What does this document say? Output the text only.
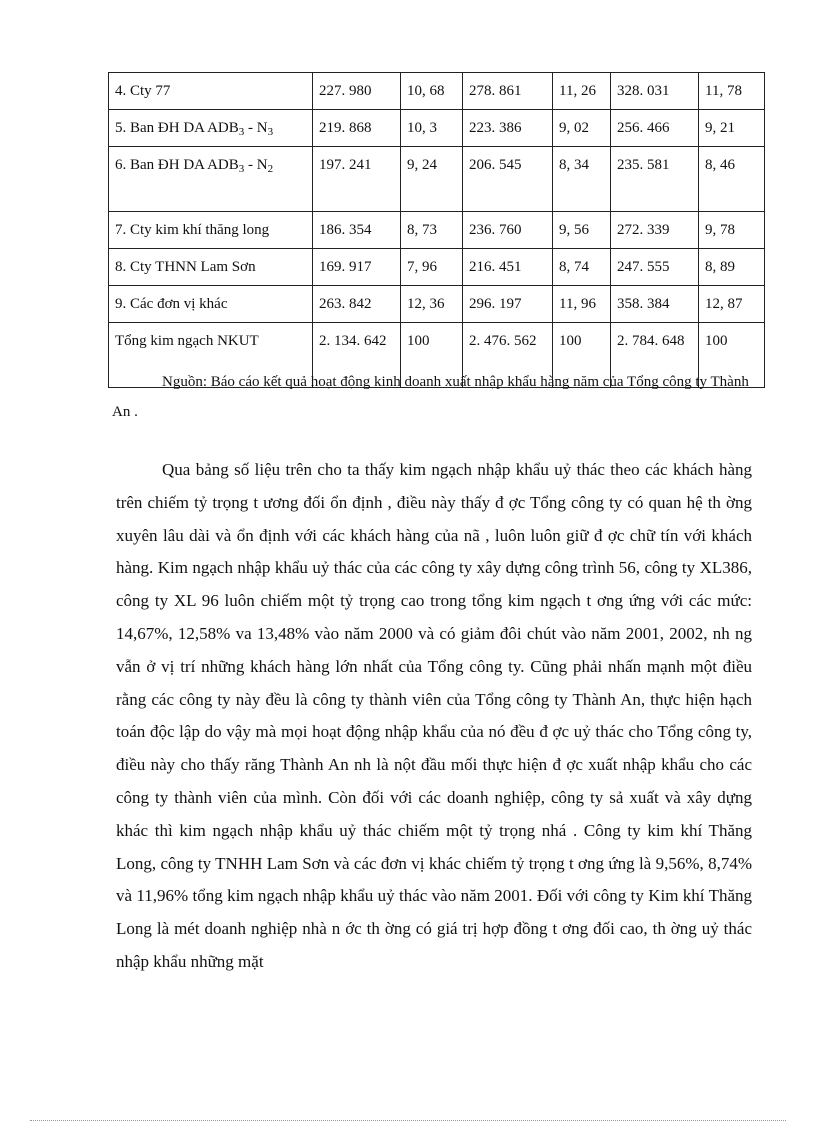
4. Cty 77	227. 980	10, 68	278. 861	11, 26	328. 031	11, 78
5. Ban ĐH DA $ADB_3 - N_3$	219. 868	10, 3	223. 386	9, 02	256. 466	9, 21
6. Ban ĐH DA $ADB_3 - N_2$	197. 241	9, 24	206. 545	8, 34	235. 581	8, 46
7. Cty kim khí thăng long	186. 354	8, 73	236. 760	9, 56	272. 339	9, 78
8. Cty THNN Lam Sơn	169. 917	7, 96	216. 451	8, 74	247. 555	8, 89
9. Các đơn vị khác	263. 842	12, 36	296. 197	11, 96	358. 384	12, 87
Tổng kim ngạch NKUT	2. 134. 642	100	2. 476. 562	100	2. 784. 648	100
Nguồn: Báo cáo kết quả hoạt động kinh doanh xuất nhập khẩu hàng năm của Tổng công ty Thành An .

Qua bảng số liệu trên cho ta thấy kim ngạch nhập khẩu uỷ thác theo các khách hàng trên chiếm tỷ trọng t ương đối ổn định , điều này thấy đ ợc Tổng công ty có quan hệ th ờng xuyên lâu dài và ổn định với các khách hàng của nã , luôn luôn giữ đ ợc chữ tín với khách hàng. Kim ngạch nhập khẩu uỷ thác của các công ty xây dựng công trình 56, công ty XL386, công ty XL 96 luôn chiếm một tỷ trọng cao trong tổng kim ngạch t ơng ứng với các mức: 14,67%, 12,58% va 13,48% vào năm 2000 và có giảm đôi chút vào năm 2001, 2002, nh ng vẫn ở vị trí những khách hàng lớn nhất của Tổng công ty. Cũng phải nhấn mạnh một điều rằng các công ty này đều là công ty thành viên của Tổng công ty Thành An, thực hiện hạch toán độc lập do vậy mà mọi hoạt động nhập khẩu của nó đều đ ợc uỷ thác cho Tổng công ty, điều này cho thấy răng Thành An nh là nột đầu mối thực hiện đ ợc xuất nhập khẩu cho các công ty thành viên của mình. Còn đối với các doanh nghiệp, công ty sả xuất và xây dựng khác thì kim ngạch nhập khẩu uỷ thác chiếm một tỷ trọng nhá . Công ty kim khí Thăng Long, công ty TNHH Lam Sơn và các đơn vị khác chiếm tỷ trọng t ơng ứng là 9,56%, 8,74% và 11,96% tổng kim ngạch nhập khẩu uỷ thác vào năm 2001. Đối với công ty Kim khí Thăng Long là mét doanh nghiệp nhà n ớc th ờng có giá trị hợp đồng t ơng đối cao, th ờng uỷ thác nhập khẩu những mặt
